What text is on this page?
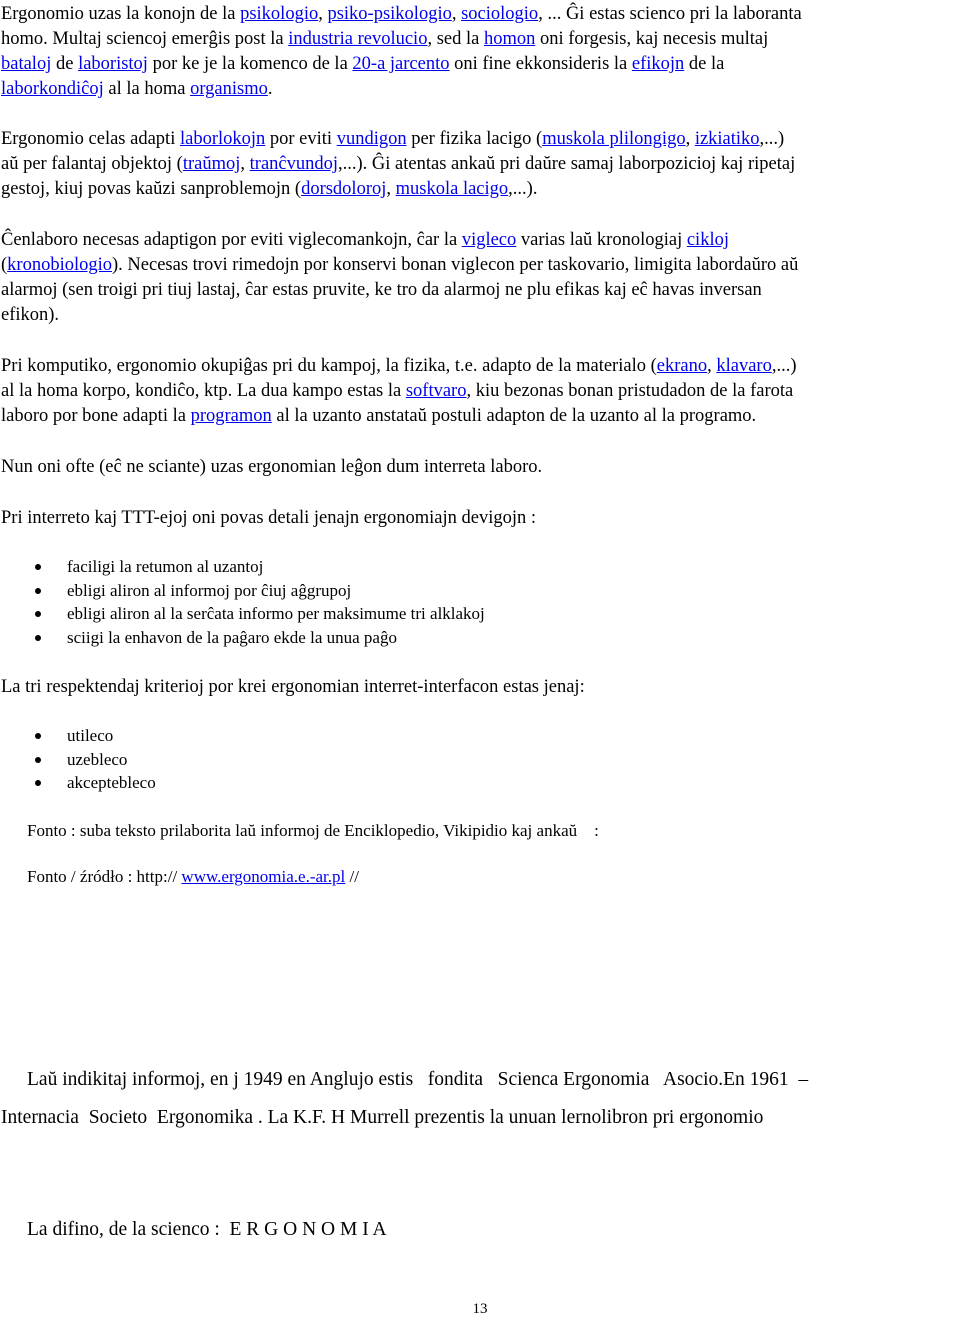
Ergonomio uzas la konojn de la psikologio, psiko-psikologio, sociologio, ... Ĝi estas scienco pri la laboranta
homo. Multaj sciencoj emerĝis post la industria revolucio, sed la homon oni forgesis, kaj necesis multaj
bataloj de laboristoj por ke je la komenco de la 20-a jarcento oni fine ekkonsideris la efikojn de la
laborkondiĉoj al la homa organismo.
Ergonomio celas adapti laborlokojn por eviti vundigon per fizika lacigo (muskola plilongigo, izkiatiko,...)
aŭ per falantaj objektoj (traŭmoj, tranĉvundoj,...). Ĝi atentas ankaŭ pri daŭre samaj laborpozicioj kaj ripetaj
gestoj, kiuj povas kaŭzi sanproblemojn (dorsdoloroj, muskola lacigo,...).
Ĉenlaboro necesas adaptigon por eviti viglecomankojn, ĉar la vigleco varias laŭ kronologiaj cikloj
(kronobiologio). Necesas trovi rimedojn por konservi bonan viglecon per taskovario, limigita labordaŭro aŭ
alarmoj (sen troigi pri tiuj lastaj, ĉar estas pruvite, ke tro da alarmoj ne plu efikas kaj eĉ havas inversan
efikon).
Pri komputiko, ergonomio okupiĝas pri du kampoj, la fizika, t.e. adapto de la materialo (ekrano, klavaro,...)
al la homa korpo, kondiĉo, ktp. La dua kampo estas la softvaro, kiu bezonas bonan pristudadon de la farota
laboro por bone adapti la programon al la uzanto anstataŭ postuli adapton de la uzanto al la programo.
Nun oni ofte (eĉ ne sciante) uzas ergonomian leĝon dum interreta laboro.
Pri interreto kaj TTT-ejoj oni povas detali jenajn ergonomiajn devigojn :
faciligi la retumon al uzantoj
ebligi aliron al informoj por ĉiuj aĝgrupoj
ebligi aliron al la serĉata informo per maksimume tri alklakoj
sciigi la enhavon de la paĝaro ekde la unua paĝo
La tri respektendaj kriterioj por krei ergonomian interret-interfacon estas jenaj:
utileco
uzebleco
akceptebleco
Fonto : suba teksto prilaborita laŭ informoj de Enciklopedio, Vikipidio kaj ankaŭ    :
Fonto / źródło : http:// www.ergonomia.e.-ar.pl //
Laŭ indikitaj informoj, en j 1949 en Anglujo estis   fondita   Scienca Ergonomia   Asocio.En 1961  –
Internacia  Societo  Ergonomika . La K.F. H Murrell prezentis la unuan lernolibron pri ergonomio
La difino, de la scienco :  E R G O N O M I A
13
